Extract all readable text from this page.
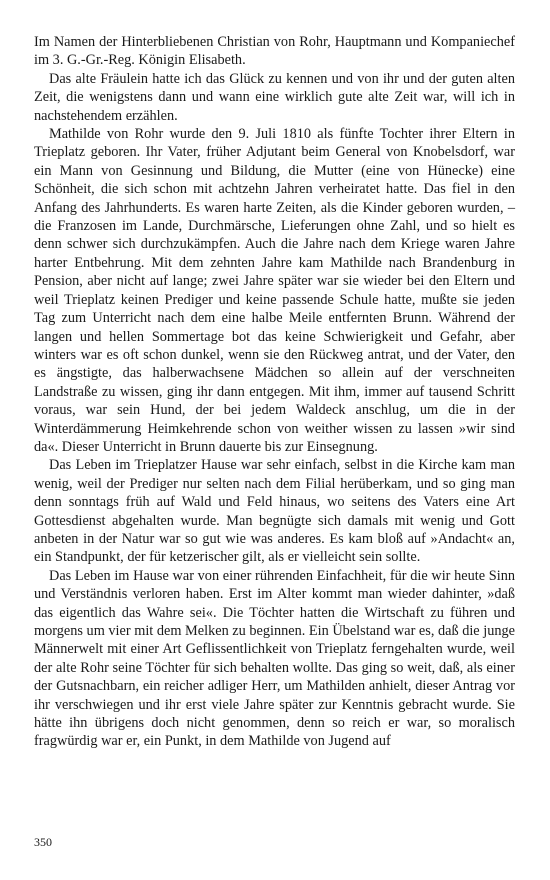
Im Namen der Hinterbliebenen Christian von Rohr, Hauptmann und Kompaniechef im 3. G.-Gr.-Reg. Königin Elisabeth.

Das alte Fräulein hatte ich das Glück zu kennen und von ihr und der guten alten Zeit, die wenigstens dann und wann eine wirklich gute alte Zeit war, will ich in nachstehendem erzählen.

Mathilde von Rohr wurde den 9. Juli 1810 als fünfte Tochter ihrer Eltern in Trieplatz geboren. Ihr Vater, früher Adjutant beim General von Knobelsdorf, war ein Mann von Gesinnung und Bildung, die Mutter (eine von Hünecke) eine Schönheit, die sich schon mit achtzehn Jahren verheiratet hatte. Das fiel in den Anfang des Jahrhunderts. Es waren harte Zeiten, als die Kinder geboren wurden, – die Franzosen im Lande, Durchmärsche, Lieferungen ohne Zahl, und so hielt es denn schwer sich durchzukämpfen. Auch die Jahre nach dem Kriege waren Jahre harter Entbehrung. Mit dem zehnten Jahre kam Mathilde nach Brandenburg in Pension, aber nicht auf lange; zwei Jahre später war sie wieder bei den Eltern und weil Trieplatz keinen Prediger und keine passende Schule hatte, mußte sie jeden Tag zum Unterricht nach dem eine halbe Meile entfernten Brunn. Während der langen und hellen Sommertage bot das keine Schwierigkeit und Gefahr, aber winters war es oft schon dunkel, wenn sie den Rückweg antrat, und der Vater, den es ängstigte, das halberwachsene Mädchen so allein auf der verschneiten Landstraße zu wissen, ging ihr dann entgegen. Mit ihm, immer auf tausend Schritt voraus, war sein Hund, der bei jedem Waldeck anschlug, um die in der Winterdämmerung Heimkehrende schon von weither wissen zu lassen »wir sind da«. Dieser Unterricht in Brunn dauerte bis zur Einsegnung.

Das Leben im Trieplatzer Hause war sehr einfach, selbst in die Kirche kam man wenig, weil der Prediger nur selten nach dem Filial herüberkam, und so ging man denn sonntags früh auf Wald und Feld hinaus, wo seitens des Vaters eine Art Gottesdienst abgehalten wurde. Man begnügte sich damals mit wenig und Gott anbeten in der Natur war so gut wie was anderes. Es kam bloß auf »Andacht« an, ein Standpunkt, der für ketzerischer gilt, als er vielleicht sein sollte.

Das Leben im Hause war von einer rührenden Einfachheit, für die wir heute Sinn und Verständnis verloren haben. Erst im Alter kommt man wieder dahinter, »daß das eigentlich das Wahre sei«. Die Töchter hatten die Wirtschaft zu führen und morgens um vier mit dem Melken zu beginnen. Ein Übelstand war es, daß die junge Männerwelt mit einer Art Geflissentlichkeit von Trieplatz ferngehalten wurde, weil der alte Rohr seine Töchter für sich behalten wollte. Das ging so weit, daß, als einer der Gutsnachbarn, ein reicher adliger Herr, um Mathilden anhielt, dieser Antrag vor ihr verschwiegen und ihr erst viele Jahre später zur Kenntnis gebracht wurde. Sie hätte ihn übrigens doch nicht genommen, denn so reich er war, so moralisch fragwürdig war er, ein Punkt, in dem Mathilde von Jugend auf

350
